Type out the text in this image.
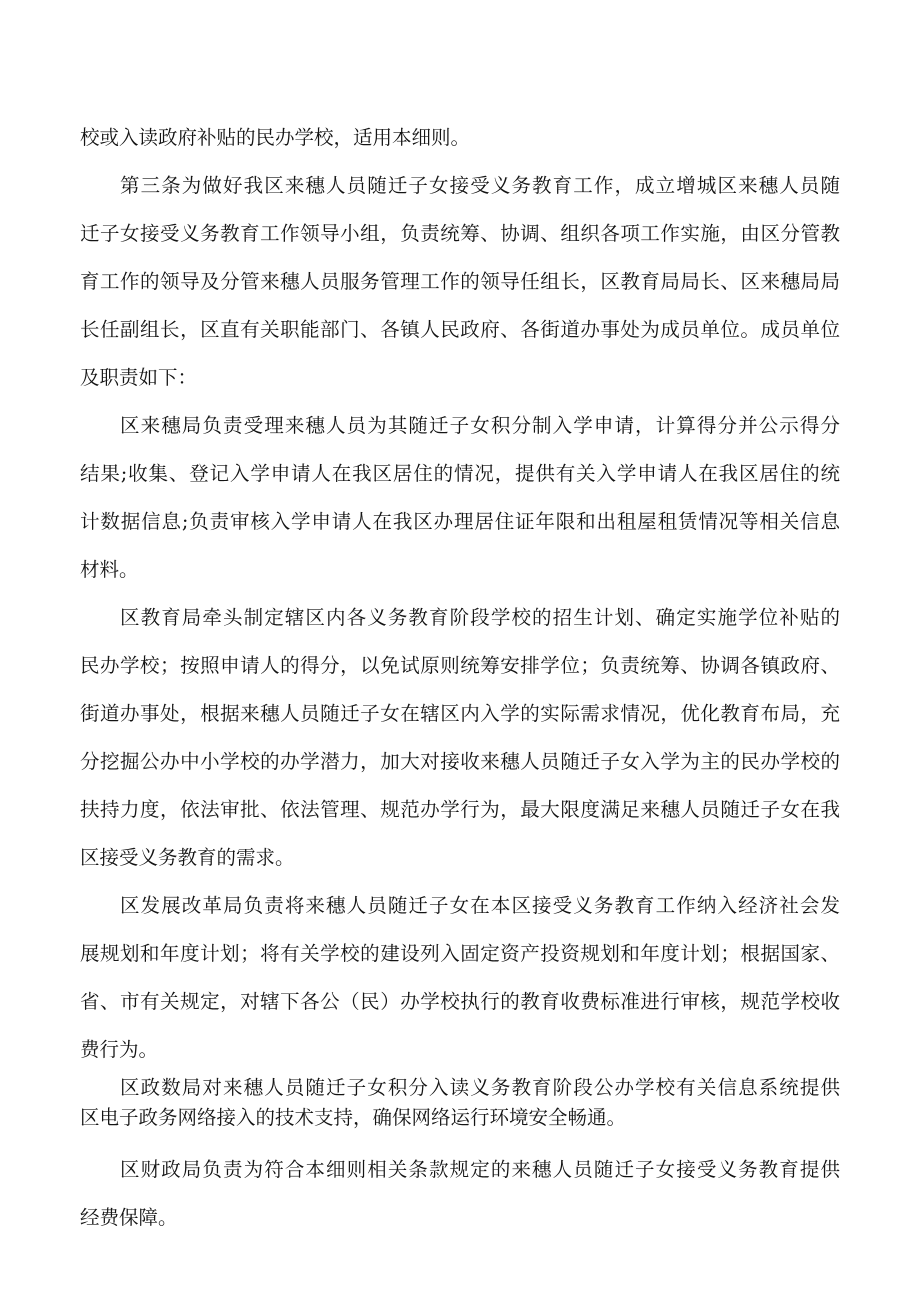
校或入读政府补贴的民办学校，适用本细则。
第三条为做好我区来穗人员随迁子女接受义务教育工作，成立增城区来穗人员随
迁子女接受义务教育工作领导小组，负责统筹、协调、组织各项工作实施，由区分管教
育工作的领导及分管来穗人员服务管理工作的领导任组长，区教育局局长、区来穗局局
长任副组长，区直有关职能部门、各镇人民政府、各街道办事处为成员单位。成员单位
及职责如下：
区来穗局负责受理来穗人员为其随迁子女积分制入学申请，计算得分并公示得分
结果;收集、登记入学申请人在我区居住的情况，提供有关入学申请人在我区居住的统
计数据信息;负责审核入学申请人在我区办理居住证年限和出租屋租赁情况等相关信息
材料。
区教育局牵头制定辖区内各义务教育阶段学校的招生计划、确定实施学位补贴的
民办学校；按照申请人的得分，以免试原则统筹安排学位；负责统筹、协调各镇政府、
街道办事处，根据来穗人员随迁子女在辖区内入学的实际需求情况，优化教育布局，充
分挖掘公办中小学校的办学潜力，加大对接收来穗人员随迁子女入学为主的民办学校的
扶持力度，依法审批、依法管理、规范办学行为，最大限度满足来穗人员随迁子女在我
区接受义务教育的需求。
区发展改革局负责将来穗人员随迁子女在本区接受义务教育工作纳入经济社会发
展规划和年度计划；将有关学校的建设列入固定资产投资规划和年度计划；根据国家、
省、市有关规定，对辖下各公（民）办学校执行的教育收费标准进行审核，规范学校收
费行为。
区政数局对来穗人员随迁子女积分入读义务教育阶段公办学校有关信息系统提供
区电子政务网络接入的技术支持，确保网络运行环境安全畅通。
区财政局负责为符合本细则相关条款规定的来穗人员随迁子女接受义务教育提供
经费保障。
